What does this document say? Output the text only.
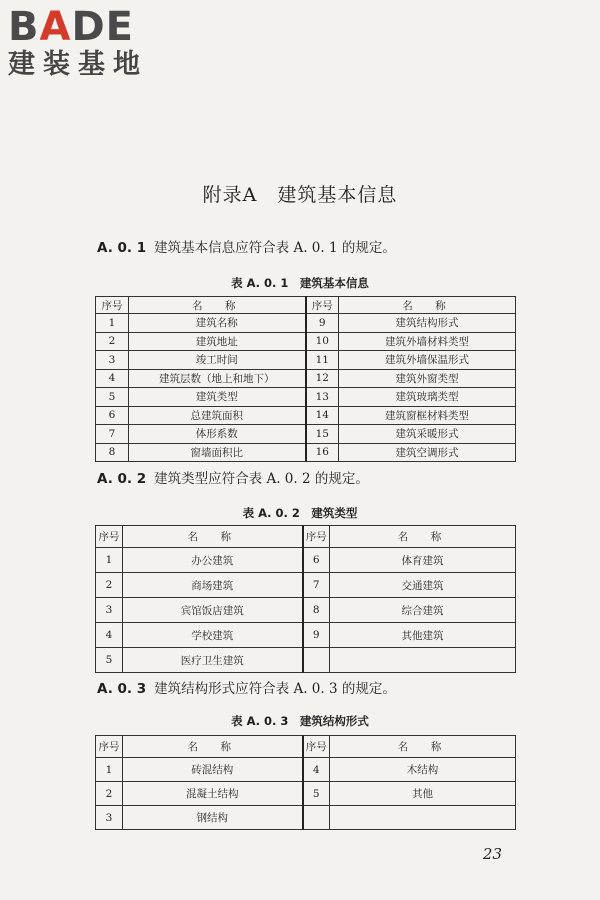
BADE
建装基地
附录A　建筑基本信息
A. 0. 1 建筑基本信息应符合表 A. 0. 1 的规定。
表 A. 0. 1　建筑基本信息
序号	名　称	序号	名　称
1	建筑名称	9	建筑结构形式
2	建筑地址	10	建筑外墙材料类型
3	竣工时间	11	建筑外墙保温形式
4	建筑层数（地上和地下）	12	建筑外窗类型
5	建筑类型	13	建筑玻璃类型
6	总建筑面积	14	建筑窗框材料类型
7	体形系数	15	建筑采暖形式
8	窗墙面积比	16	建筑空调形式
A. 0. 2 建筑类型应符合表 A. 0. 2 的规定。
表 A. 0. 2　建筑类型
序号	名　称	序号	名　称
1	办公建筑	6	体育建筑
2	商场建筑	7	交通建筑
3	宾馆饭店建筑	8	综合建筑
4	学校建筑	9	其他建筑
5	医疗卫生建筑		
A. 0. 3 建筑结构形式应符合表 A. 0. 3 的规定。
表 A. 0. 3　建筑结构形式
序号	名　称	序号	名　称
1	砖混结构	4	木结构
2	混凝土结构	5	其他
3	钢结构		
23
